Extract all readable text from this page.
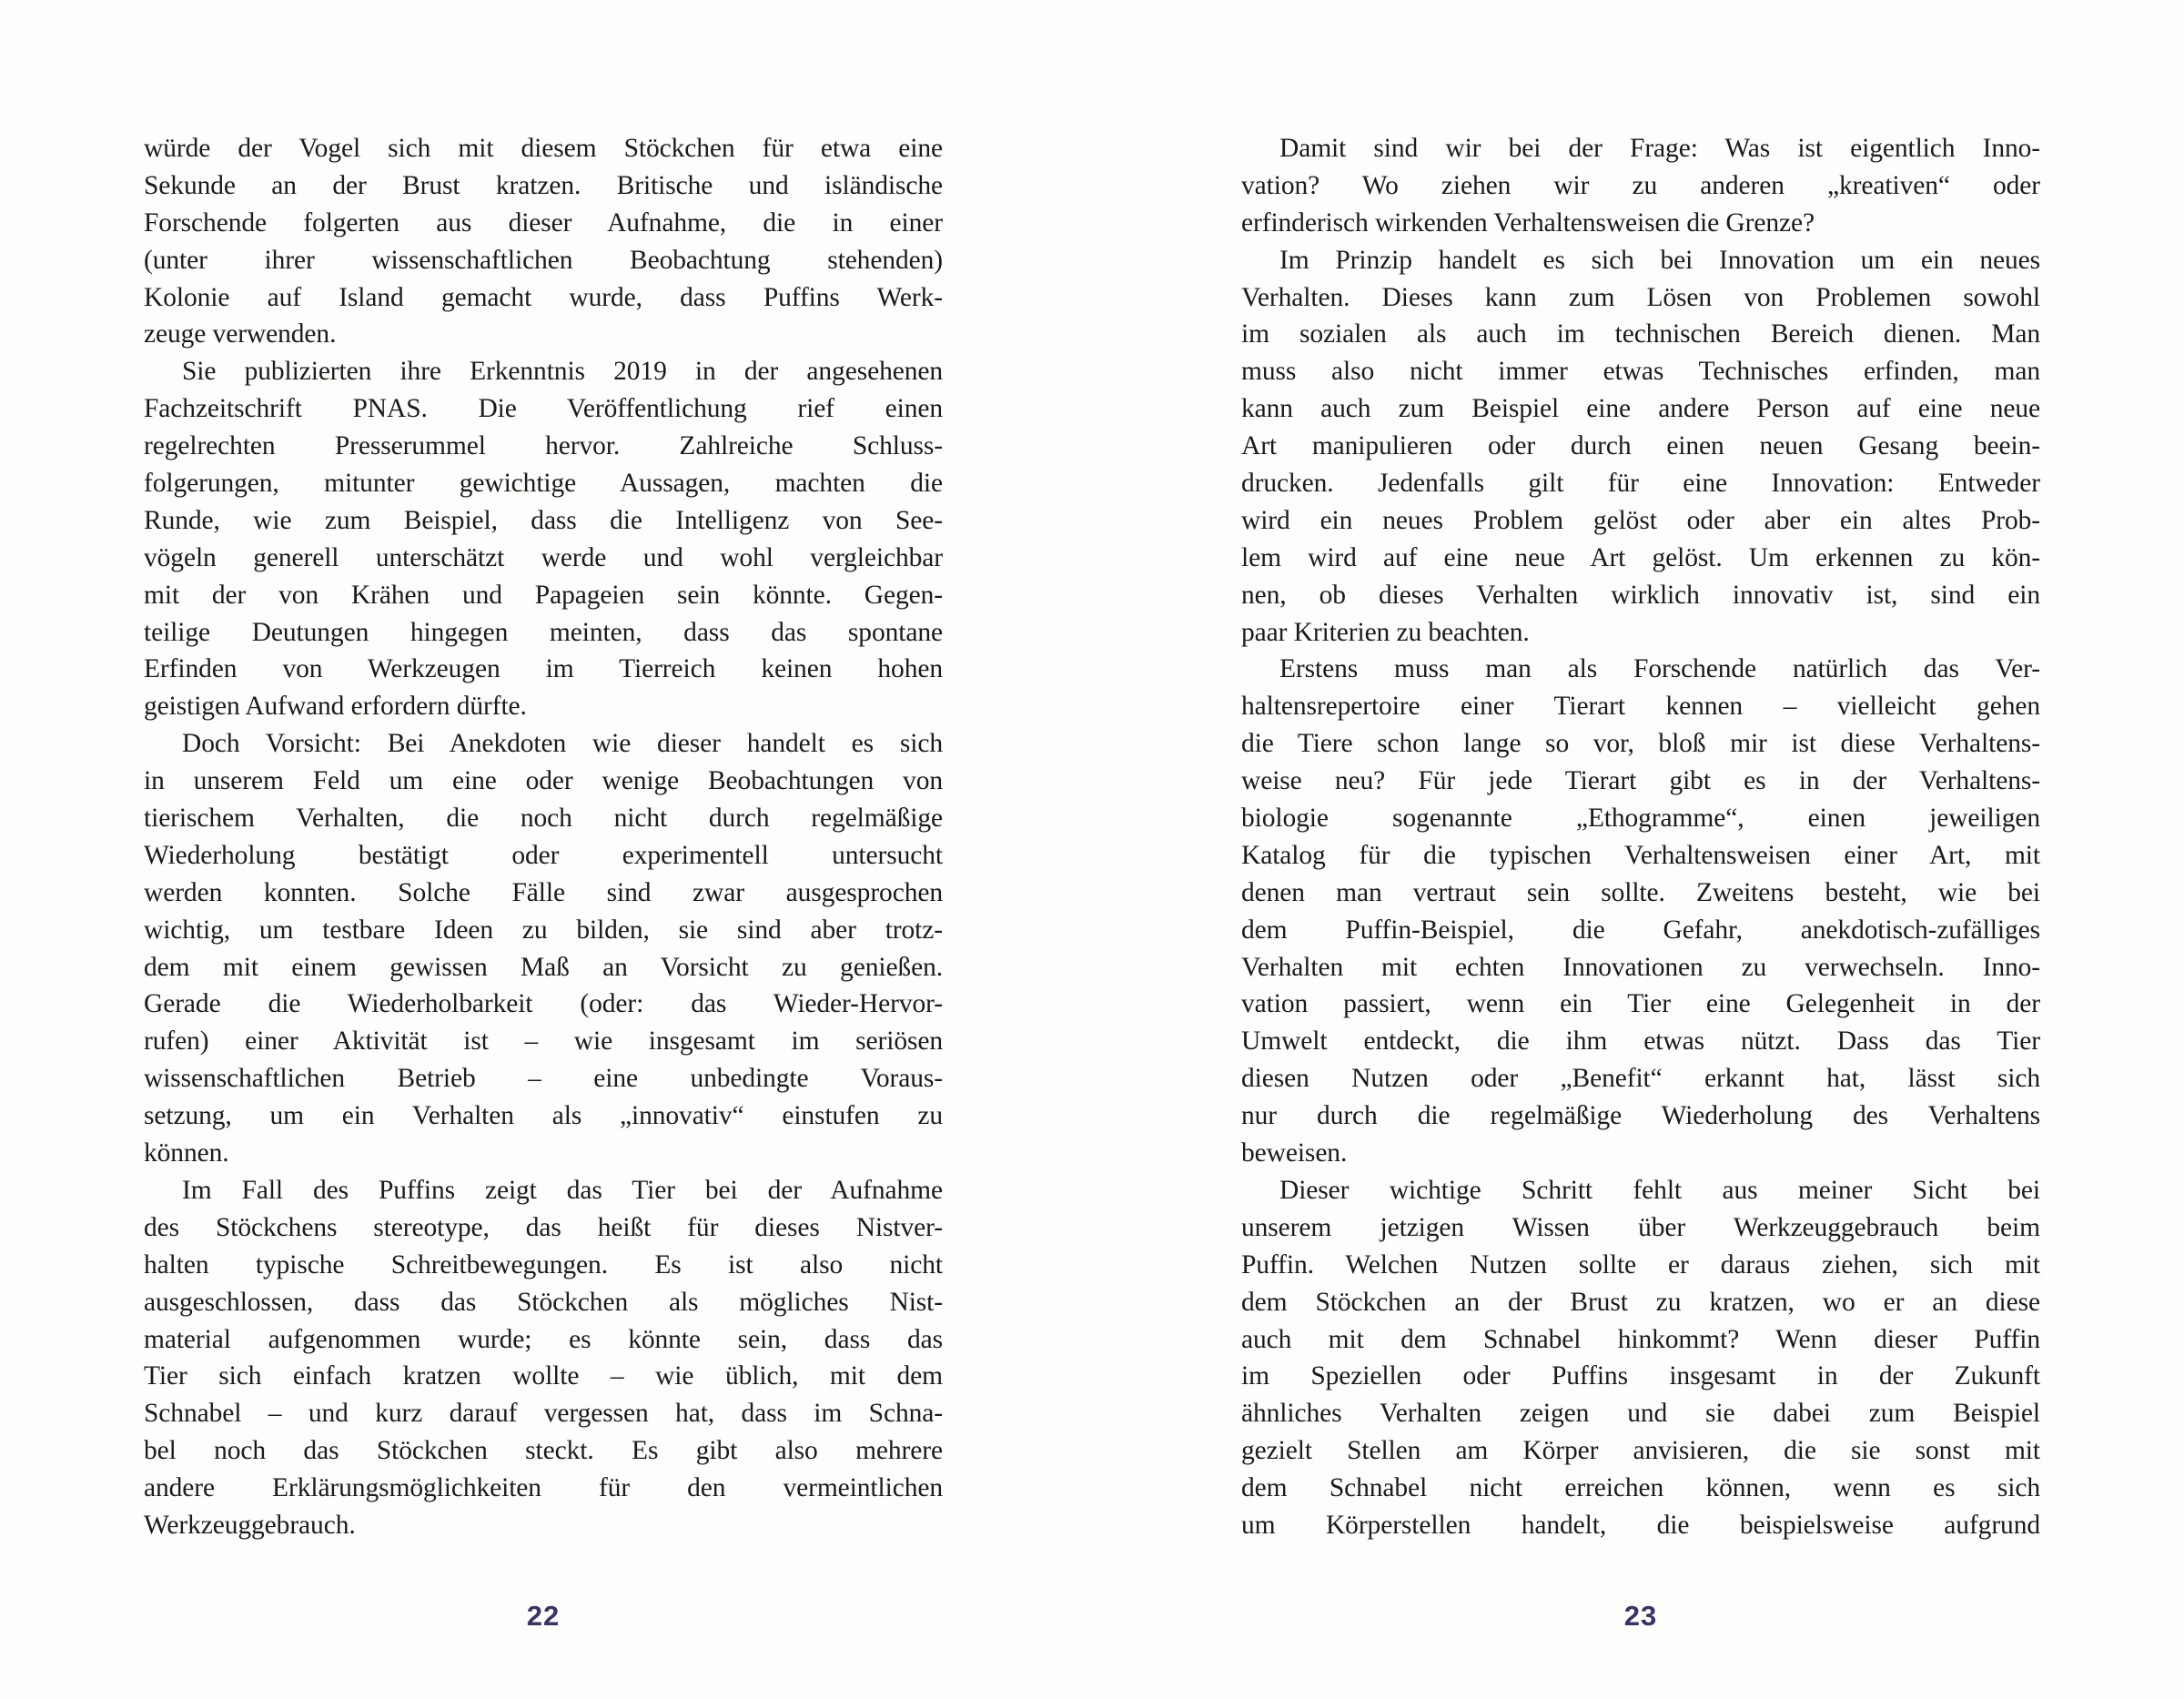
würde der Vogel sich mit diesem Stöckchen für etwa eine
Sekunde an der Brust kratzen. Britische und isländische
Forschende folgerten aus dieser Aufnahme, die in einer
(unter ihrer wissenschaftlichen Beobachtung stehenden)
Kolonie auf Island gemacht wurde, dass Puffins Werk-
zeuge verwenden.
Sie publizierten ihre Erkenntnis 2019 in der angesehenen
Fachzeitschrift PNAS. Die Veröffentlichung rief einen
regelrechten Presserummel hervor. Zahlreiche Schluss-
folgerungen, mitunter gewichtige Aussagen, machten die
Runde, wie zum Beispiel, dass die Intelligenz von See-
vögeln generell unterschätzt werde und wohl vergleichbar
mit der von Krähen und Papageien sein könnte. Gegen-
teilige Deutungen hingegen meinten, dass das spontane
Erfinden von Werkzeugen im Tierreich keinen hohen
geistigen Aufwand erfordern dürfte.
Doch Vorsicht: Bei Anekdoten wie dieser handelt es sich
in unserem Feld um eine oder wenige Beobachtungen von
tierischem Verhalten, die noch nicht durch regelmäßige
Wiederholung bestätigt oder experimentell untersucht
werden konnten. Solche Fälle sind zwar ausgesprochen
wichtig, um testbare Ideen zu bilden, sie sind aber trotz-
dem mit einem gewissen Maß an Vorsicht zu genießen.
Gerade die Wiederholbarkeit (oder: das Wieder-Hervor-
rufen) einer Aktivität ist – wie insgesamt im seriösen
wissenschaftlichen Betrieb – eine unbedingte Voraus-
setzung, um ein Verhalten als „innovativ“ einstufen zu
können.
Im Fall des Puffins zeigt das Tier bei der Aufnahme
des Stöckchens stereotype, das heißt für dieses Nistver-
halten typische Schreitbewegungen. Es ist also nicht
ausgeschlossen, dass das Stöckchen als mögliches Nist-
material aufgenommen wurde; es könnte sein, dass das
Tier sich einfach kratzen wollte – wie üblich, mit dem
Schnabel – und kurz darauf vergessen hat, dass im Schna-
bel noch das Stöckchen steckt. Es gibt also mehrere
andere Erklärungsmöglichkeiten für den vermeintlichen
Werkzeuggebrauch.
Damit sind wir bei der Frage: Was ist eigentlich Inno-
vation? Wo ziehen wir zu anderen „kreativen“ oder
erfinderisch wirkenden Verhaltensweisen die Grenze?
Im Prinzip handelt es sich bei Innovation um ein neues
Verhalten. Dieses kann zum Lösen von Problemen sowohl
im sozialen als auch im technischen Bereich dienen. Man
muss also nicht immer etwas Technisches erfinden, man
kann auch zum Beispiel eine andere Person auf eine neue
Art manipulieren oder durch einen neuen Gesang beein-
drucken. Jedenfalls gilt für eine Innovation: Entweder
wird ein neues Problem gelöst oder aber ein altes Prob-
lem wird auf eine neue Art gelöst. Um erkennen zu kön-
nen, ob dieses Verhalten wirklich innovativ ist, sind ein
paar Kriterien zu beachten.
Erstens muss man als Forschende natürlich das Ver-
haltensrepertoire einer Tierart kennen – vielleicht gehen
die Tiere schon lange so vor, bloß mir ist diese Verhaltens-
weise neu? Für jede Tierart gibt es in der Verhaltens-
biologie sogenannte „Ethogramme“, einen jeweiligen
Katalog für die typischen Verhaltensweisen einer Art, mit
denen man vertraut sein sollte. Zweitens besteht, wie bei
dem Puffin-Beispiel, die Gefahr, anekdotisch-zufälliges
Verhalten mit echten Innovationen zu verwechseln. Inno-
vation passiert, wenn ein Tier eine Gelegenheit in der
Umwelt entdeckt, die ihm etwas nützt. Dass das Tier
diesen Nutzen oder „Benefit“ erkannt hat, lässt sich
nur durch die regelmäßige Wiederholung des Verhaltens
beweisen.
Dieser wichtige Schritt fehlt aus meiner Sicht bei
unserem jetzigen Wissen über Werkzeuggebrauch beim
Puffin. Welchen Nutzen sollte er daraus ziehen, sich mit
dem Stöckchen an der Brust zu kratzen, wo er an diese
auch mit dem Schnabel hinkommt? Wenn dieser Puffin
im Speziellen oder Puffins insgesamt in der Zukunft
ähnliches Verhalten zeigen und sie dabei zum Beispiel
gezielt Stellen am Körper anvisieren, die sie sonst mit
dem Schnabel nicht erreichen können, wenn es sich
um Körperstellen handelt, die beispielsweise aufgrund
22	23
